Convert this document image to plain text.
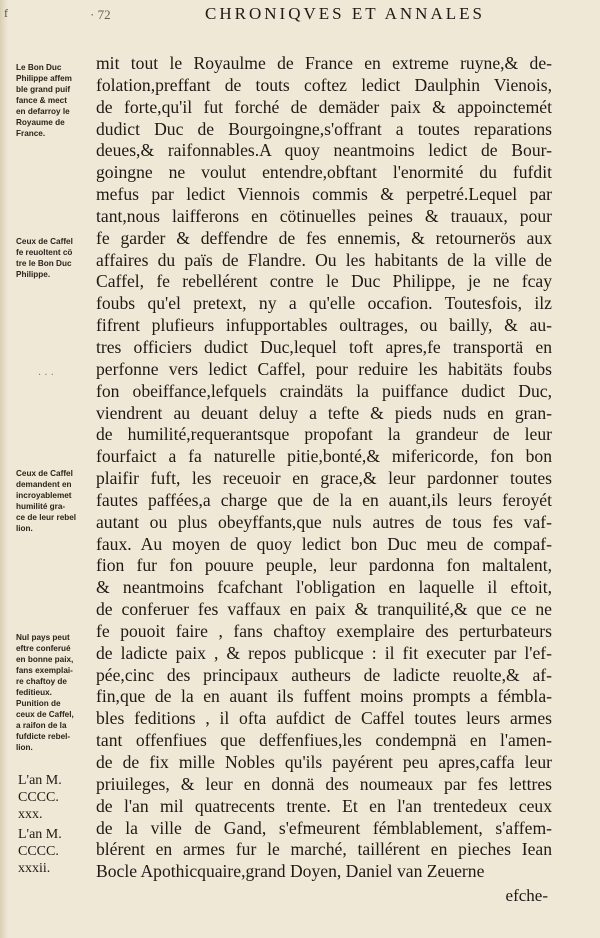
f	· 72	CHRONIQVES ET ANNALES
Le Bon Duc
Philippe affem
ble grand puif
fance & mect
en defarroy le
Royaume de
France.
Ceux de Caffel
fe reuoltent cö
tre le Bon Duc
Philippe.
Ceux de Caffel
demandent en
incroyablemet
humilité gra-
ce de leur rebel
lion.
Nul pays peut
eftre conferué
en bonne paix,
fans exemplai-
re chaftoy de
feditieux.
Punition de
ceux de Caffel,
a raifon de la
fufdicte rebel-
lion.
L'an M.
CCCC.
xxx.
L'an M.
CCCC.
xxxii.
· · ·
mit tout le Royaulme de France en extreme ruyne,& de-
folation,preffant de touts coftez ledict Daulphin Vienois,
de forte,qu'il fut forché de demäder paix & appoinctemét
dudict Duc de Bourgoingne,s'offrant a toutes reparations
deues,& raifonnables.A quoy neantmoins ledict de Bour-
goingne ne voulut entendre,obftant l'enormité du fufdit
mefus par ledict Viennois commis & perpetré.Lequel par
tant,nous laifferons en cötinuelles peines & trauaux, pour
fe garder & deffendre de fes ennemis, & retournerös aux
affaires du païs de Flandre. Ou les habitants de la ville de
Caffel, fe rebellérent contre le Duc Philippe, je ne fcay
foubs qu'el pretext, ny a qu'elle occafion. Toutesfois, ilz
fifrent plufieurs infupportables oultrages, ou bailly, & au-
tres officiers dudict Duc,lequel toft apres,fe transportä en
perfonne vers ledict Caffel, pour reduire les habitäts foubs
fon obeiffance,lefquels craindäts la puiffance dudict Duc,
viendrent au deuant deluy a tefte & pieds nuds en gran-
de humilité,requerantsque propofant la grandeur de leur
fourfaict a fa naturelle pitie,bonté,& mifericorde, fon bon
plaifir fuft, les receuoir en grace,& leur pardonner toutes
fautes paffées,a charge que de la en auant,ils leurs feroyét
autant ou plus obeyffants,que nuls autres de tous fes vaf-
faux. Au moyen de quoy ledict bon Duc meu de compaf-
fion fur fon pouure peuple, leur pardonna fon maltalent,
& neantmoins fcafchant l'obligation en laquelle il eftoit,
de conferuer fes vaffaux en paix & tranquilité,& que ce ne
fe pouoit faire , fans chaftoy exemplaire des perturbateurs
de ladicte paix , & repos publicque : il fit executer par l'ef-
pée,cinc des principaux autheurs de ladicte reuolte,& af-
fin,que de la en auant ils fuffent moins prompts a fémbla-
bles feditions , il ofta aufdict de Caffel toutes leurs armes
tant offenfiues que deffenfiues,les condempnä en l'amen-
de de fix mille Nobles qu'ils payérent peu apres,caffa leur
priuileges, & leur en donnä des noumeaux par fes lettres
de l'an mil quatrecents trente. Et en l'an trentedeux ceux
de la ville de Gand, s'efmeurent fémblablement, s'affem-
blérent en armes fur le marché, taillérent en pieches Iean
Bocle Apothicquaire,grand Doyen, Daniel van Zeuerne
efche-
